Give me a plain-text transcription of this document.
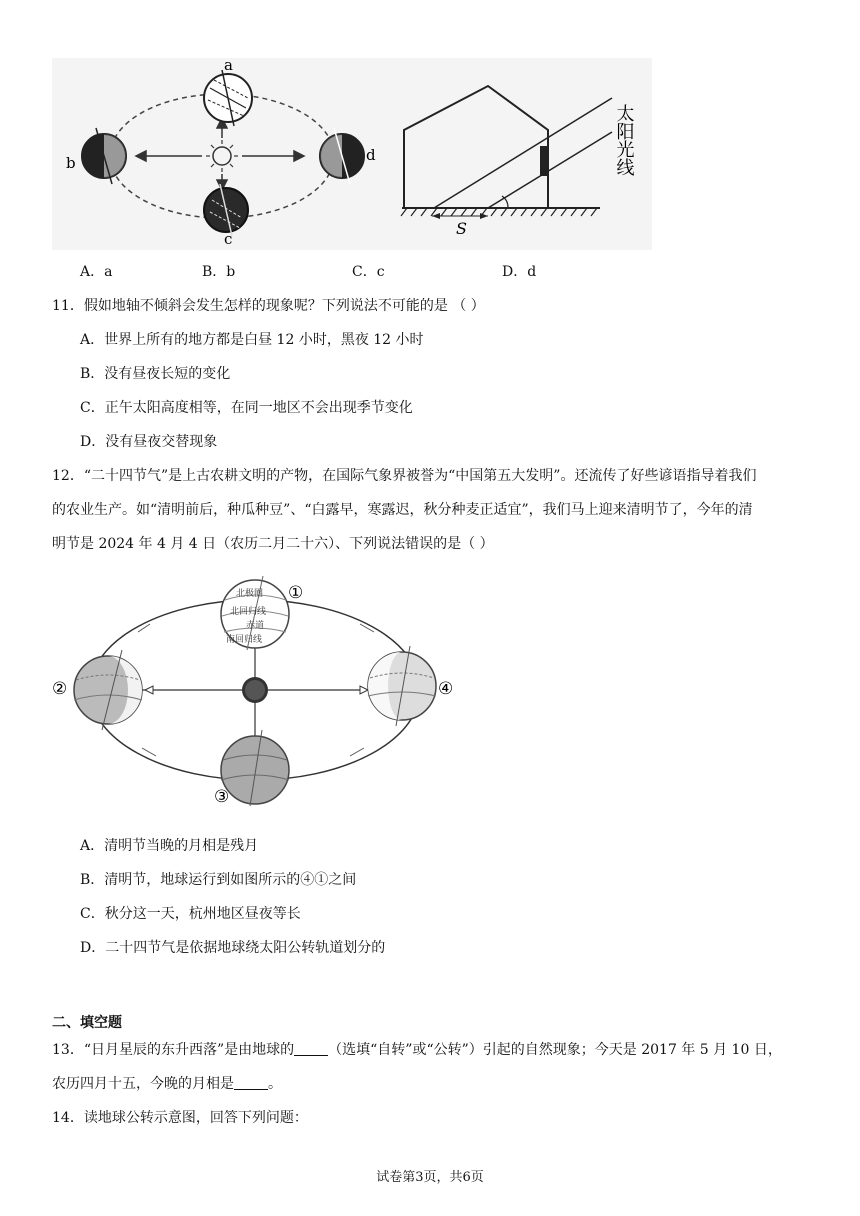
a
b
c
d
S
太阳光线
A．a	B．b	C．c	D．d
11．假如地轴不倾斜会发生怎样的现象呢？下列说法不可能的是 （ ）
A．世界上所有的地方都是白昼 12 小时，黑夜 12 小时
B．没有昼夜长短的变化
C．正午太阳高度相等，在同一地区不会出现季节变化
D．没有昼夜交替现象
12．“二十四节气”是上古农耕文明的产物，在国际气象界被誉为“中国第五大发明”。还流传了好些谚语指导着我们
的农业生产。如“清明前后，种瓜种豆”、“白露早，寒露迟，秋分种麦正适宜”，我们马上迎来清明节了，今年的清
明节是 2024 年 4 月 4 日（农历二月二十六）、下列说法错误的是（ ）
北极圈
北回归线
赤道
南回归线
①
②
③
④
A．清明节当晚的月相是残月
B．清明节，地球运行到如图所示的④①之间
C．秋分这一天，杭州地区昼夜等长
D．二十四节气是依据地球绕太阳公转轨道划分的
二、填空题
13．“日月星辰的东升西落”是由地球的 （选填“自转”或“公转”）引起的自然现象；今天是 2017 年 5 月 10 日，
农历四月十五，今晚的月相是 。
14．读地球公转示意图，回答下列问题：
试卷第3页，共6页
